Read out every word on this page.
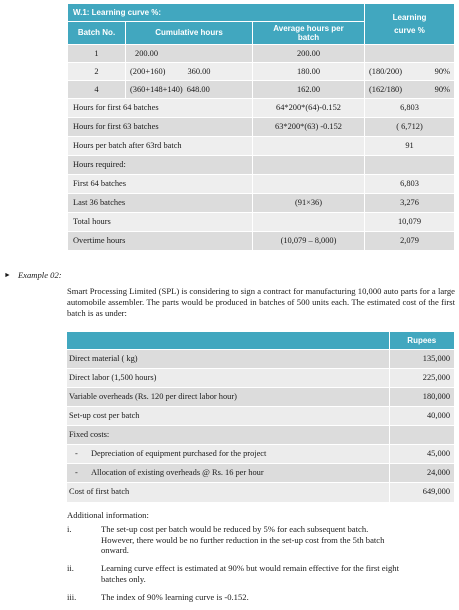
W.1: Learning curve %:			Learning
curve %

Batch No.	Cumulative hours	Average hours per
batch	

1	200.00	200.00	

2	(200+160) 360.00	180.00	(180/200) 90%

4	(360+148+140) 648.00	162.00	(162/180) 90%

Hours for first 64 batches		64*200*(64)-0.152	6,803
Hours for first 63 batches		63*200*(63) -0.152	( 6,712)
Hours per batch after 63rd batch			91
Hours required:			
First 64 batches			6,803
Last 36 batches		(91×36)	3,276
Total hours			10,079
Overtime hours		(10,079 – 8,000)	2,079
► Example 02:
Smart Processing Limited (SPL) is considering to sign a contract for manufacturing 10,000 auto parts for a large automobile assembler. The parts would be produced in batches of 500 units each. The estimated cost of the first batch is as under:
	Rupees
Direct material ( kg)	135,000
Direct labor (1,500 hours)	225,000
Variable overheads (Rs. 120 per direct labor hour)	180,000
Set-up cost per batch	40,000
Fixed costs:	
- Depreciation of equipment purchased for the project	45,000
- Allocation of existing overheads @ Rs. 16 per hour	24,000
Cost of first batch	649,000
Additional information:
i.	The set-up cost per batch would be reduced by 5% for each subsequent batch.
However, there would be no further reduction in the set-up cost from the 5th batch
onward.
ii.	Learning curve effect is estimated at 90% but would remain effective for the first eight
batches only.
iii.	The index of 90% learning curve is -0.152.
